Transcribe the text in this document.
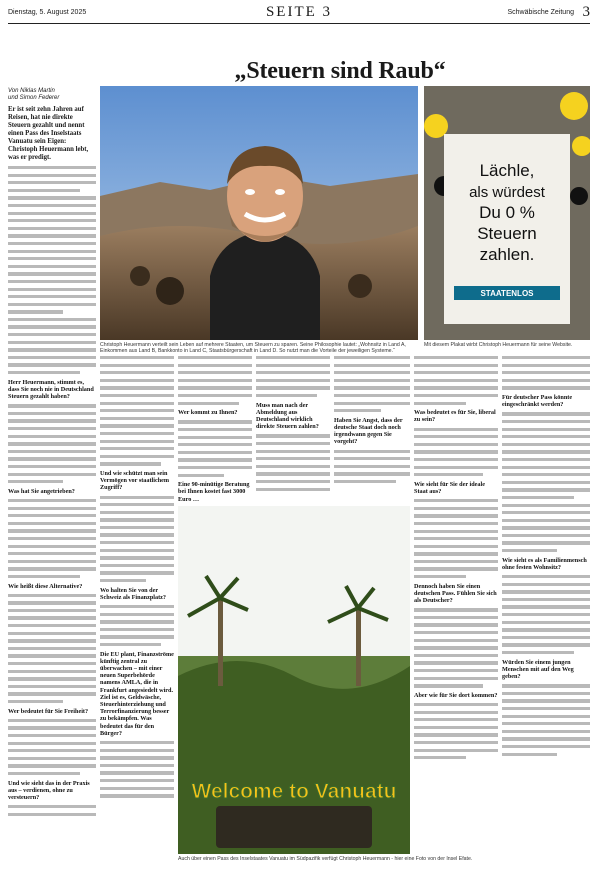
Dienstag, 5. August 2025	SEITE 3	Schwäbische Zeitung 3
„Steuern sind Raub“
Von Niklas Martin
und Simon Federer

Er ist seit zehn Jahren auf Reisen, hat nie direkte Steuern gezahlt und nennt einen Pass des Inselstaats Vanuatu sein Eigen: Christoph Heuermann lebt, was er predigt.

Herr Heuermann, stimmt es, dass Sie noch nie in Deutschland Steuern gezahlt haben?

Was hat Sie angetrieben?

Wie heißt diese Alternative?

Wer bedeutet für Sie Freiheit?

Und wie sieht das in der Praxis aus – verdienen, ohne zu versteuern?

Christoph Heuermann verteilt sein Leben auf mehrere Staaten, um Steuern zu sparen. Seine Philosophie lautet: „Wohnsitz in Land A, Einkommen aus Land B, Bankkonto in Land C, Staatsbürgerschaft in Land D. So nutzt man die Vorteile der jeweiligen Systeme.“
STAATENLOS
Lächle,
als würdest
Du 0 %
Steuern
zahlen.
Mit diesem Plakat wirbt Christoph Heuermann für seine Website.

Und wie schützt man sein Vermögen vor staatlichem Zugriff?

Wo halten Sie von der Schweiz als Finanzplatz?

Die EU plant, Finanzströme künftig zentral zu überwachen – mit einer neuen Superbehörde namens AMLA, die in Frankfurt angesiedelt wird. Ziel ist es, Geldwäsche, Steuerhinterziehung und Terrorfinanzierung besser zu bekämpfen. Was bedeutet das für den Bürger?

Wer kommt zu Ihnen?

Eine 90-minütige Beratung bei Ihnen kostet fast 3000 Euro …

Muss man nach der Abmeldung aus Deutschland wirklich direkte Steuern zahlen?

Haben Sie Angst, dass der deutsche Staat doch noch irgendwann gegen Sie vorgeht?

Welcome to Vanuatu
Auch über einen Pass des Inselstaates Vanuatu im Südpazifik verfügt Christoph Heuermann - hier eine Foto von der Insel Efate.

Was bedeutet es für Sie, liberal zu sein?

Wie sieht für Sie der ideale Staat aus?

Dennoch haben Sie einen deutschen Pass. Fühlen Sie sich als Deutscher?

Aber wie für Sie dort kommen?

Für deutscher Pass könnte eingeschränkt werden?

Wie sieht es als Familienmensch ohne festen Wohnsitz?

Würden Sie einem jungen Menschen mit auf den Weg geben?
